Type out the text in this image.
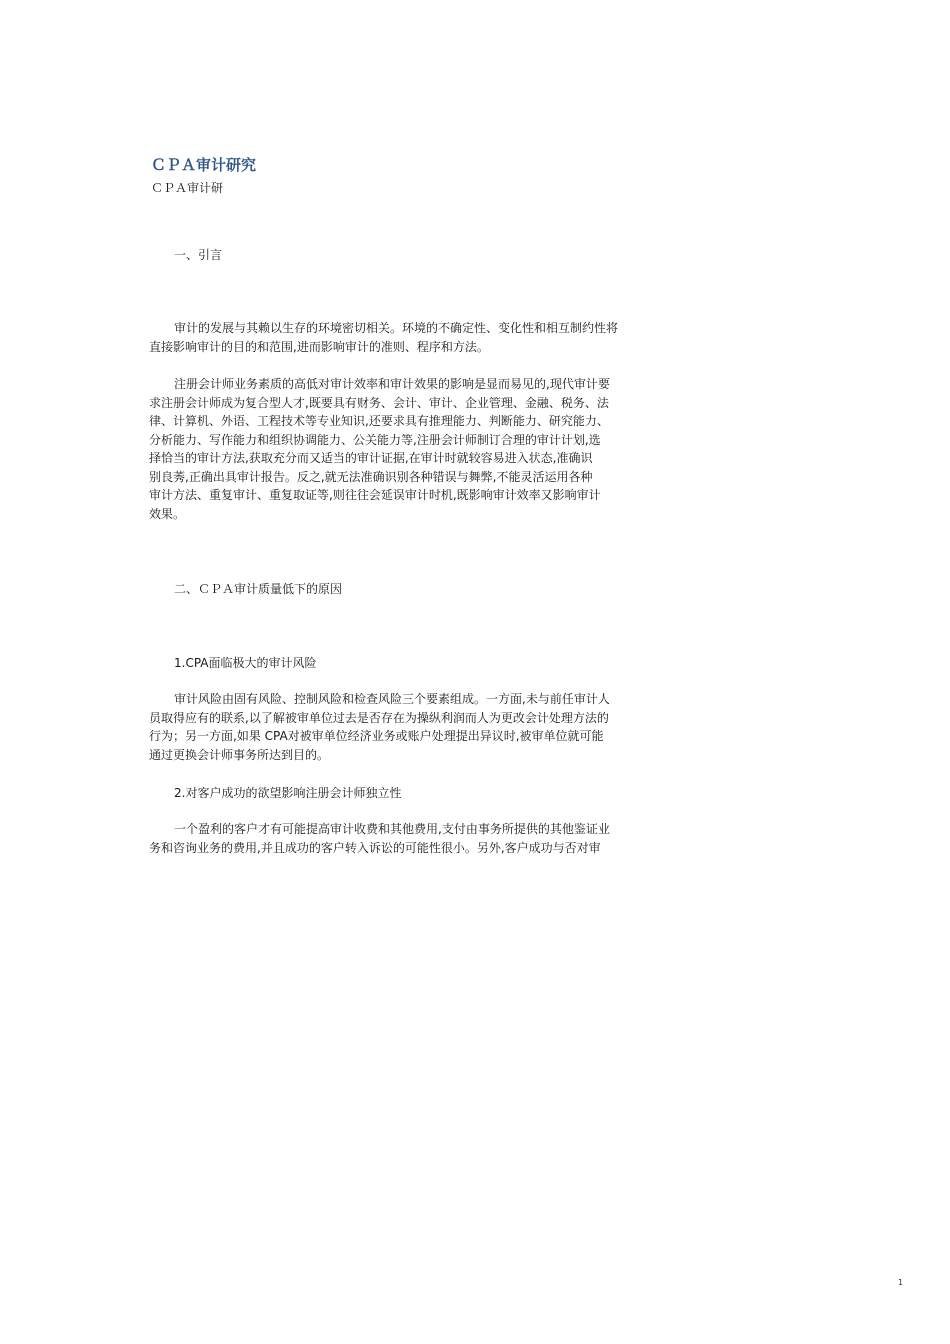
ＣＰＡ审计研究
ＣＰＡ审计研
一、引言
审计的发展与其赖以生存的环境密切相关。环境的不确定性、变化性和相互制约性将
直接影响审计的目的和范围,进而影响审计的准则、程序和方法。
注册会计师业务素质的高低对审计效率和审计效果的影响是显而易见的,现代审计要
求注册会计师成为复合型人才,既要具有财务、会计、审计、企业管理、金融、税务、法
律、计算机、外语、工程技术等专业知识,还要求具有推理能力、判断能力、研究能力、
分析能力、写作能力和组织协调能力、公关能力等,注册会计师制订合理的审计计划,选
择恰当的审计方法,获取充分而又适当的审计证据,在审计时就较容易进入状态,准确识
别良莠,正确出具审计报告。反之,就无法准确识别各种错误与舞弊,不能灵活运用各种
审计方法、重复审计、重复取证等,则往往会延误审计时机,既影响审计效率又影响审计
效果。
二、ＣＰＡ审计质量低下的原因
1.CPA面临极大的审计风险
审计风险由固有风险、控制风险和检查风险三个要素组成。一方面,未与前任审计人
员取得应有的联系,以了解被审单位过去是否存在为操纵利润而人为更改会计处理方法的
行为；另一方面,如果 CPA对被审单位经济业务或账户处理提出异议时,被审单位就可能
通过更换会计师事务所达到目的。
2.对客户成功的欲望影响注册会计师独立性
一个盈利的客户才有可能提高审计收费和其他费用,支付由事务所提供的其他鉴证业
务和咨询业务的费用,并且成功的客户转入诉讼的可能性很小。另外,客户成功与否对审
1
